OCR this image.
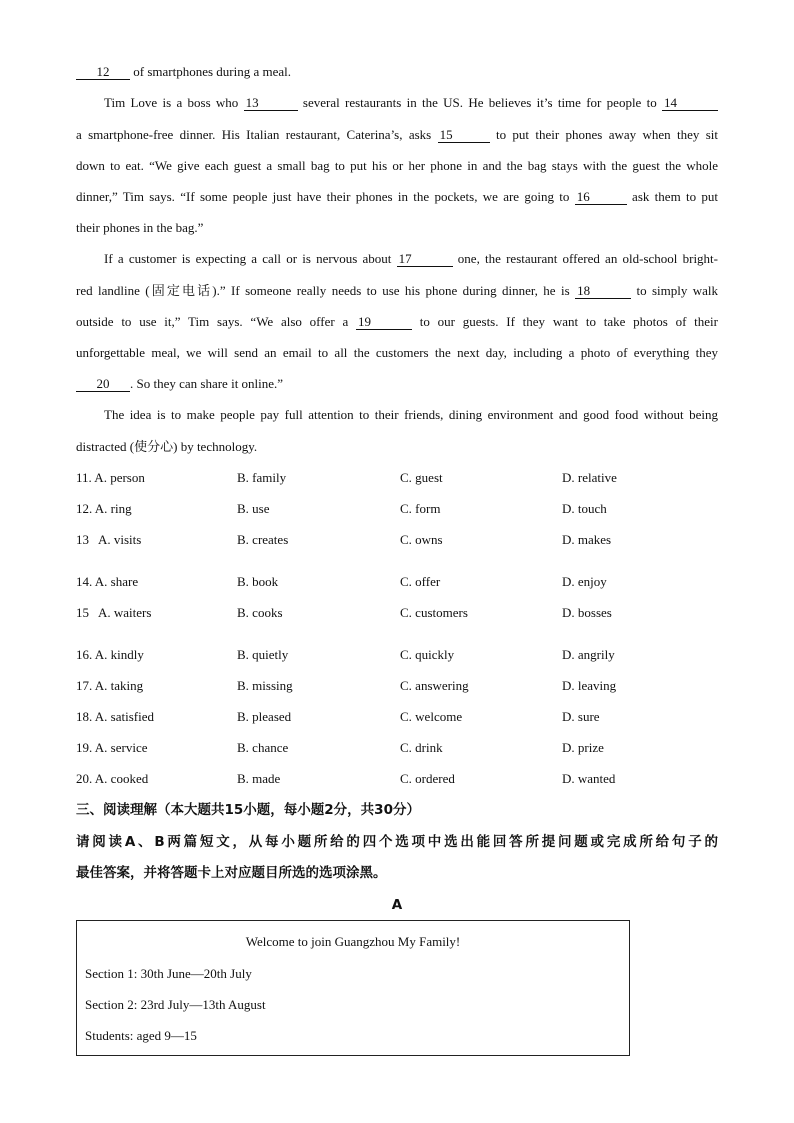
12 of smartphones during a meal.
Tim Love is a boss who 13	several restaurants in the US. He believes it’s time for people to 14
a smartphone-free dinner. His Italian restaurant, Caterina’s, asks 15	to put their phones away when they sit
down to eat. “We give each guest a small bag to put his or her phone in and the bag stays with the guest the whole
dinner,” Tim says. “If some people just have their phones in the pockets, we are going to 16	ask them to put
their phones in the bag.”
If a customer is expecting a call or is nervous about 17	one, the restaurant offered an old-school bright-
red landline (固定电话).” If someone really needs to use his phone during dinner, he is 18	to simply walk
outside to use it,” Tim says. “We also offer a 19	to our guests. If they want to take photos of their
unforgettable meal, we will send an email to all the customers the next day, including a photo of everything they
20 . So they can share it online.”
The idea is to make people pay full attention to their friends, dining environment and good food without being
distracted (使分心) by technology.
11. A. person	B. family	C. guest	D. relative
12. A. ring	B. use	C. form	D. touch
13 A. visits	B. creates	C. owns	D. makes
14. A. share	B. book	C. offer	D. enjoy
15 A. waiters	B. cooks	C. customers	D. bosses
16. A. kindly	B. quietly	C. quickly	D. angrily
17. A. taking	B. missing	C. answering	D. leaving
18. A. satisfied	B. pleased	C. welcome	D. sure
19. A. service	B. chance	C. drink	D. prize
20. A. cooked	B. made	C. ordered	D. wanted
三、阅读理解（本大题共15小题，每小题2分，共30分）
请阅读A、B两篇短文，从每小题所给的四个选项中选出能回答所提问题或完成所给句子的
最佳答案，并将答题卡上对应题目所选的选项涂黑。
A
Welcome to join Guangzhou My Family!
Section 1: 30th June—20th July
Section 2: 23rd July—13th August
Students: aged 9—15
